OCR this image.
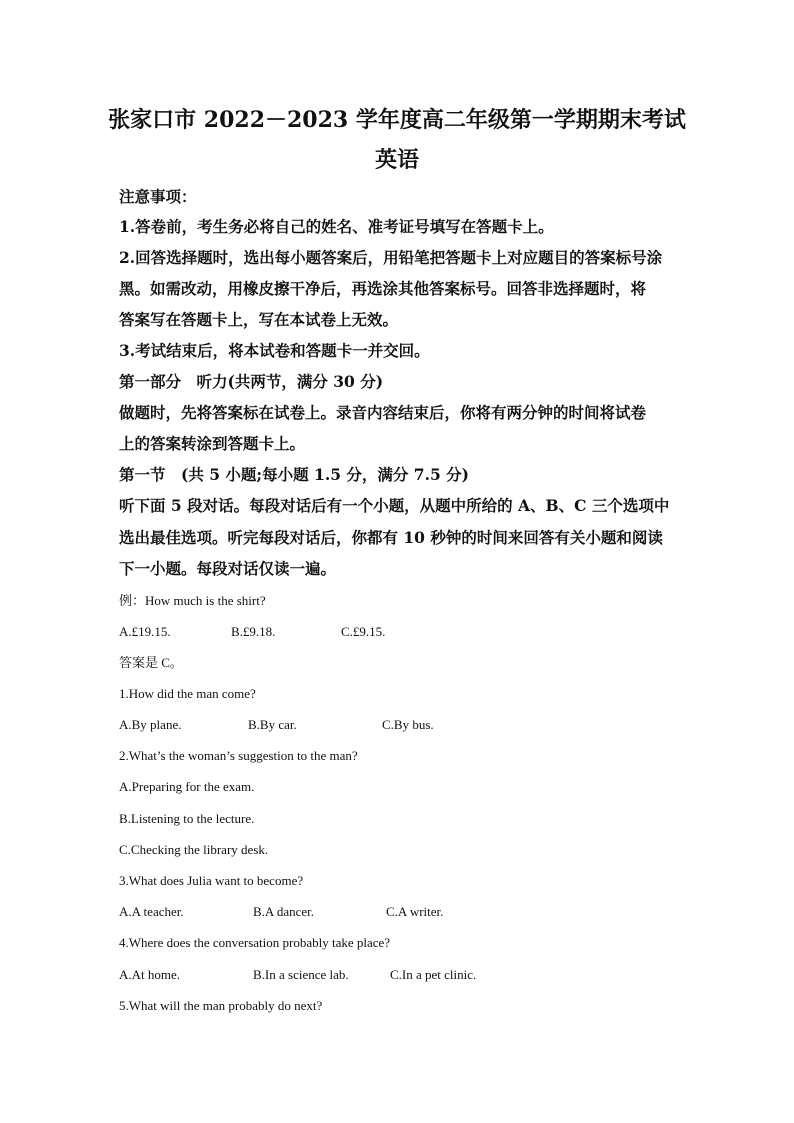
张家口市 2022－2023 学年度高二年级第一学期期末考试
英语
注意事项：
1.答卷前，考生务必将自己的姓名、准考证号填写在答题卡上。
2.回答选择题时，选出每小题答案后，用铅笔把答题卡上对应题目的答案标号涂
黑。如需改动，用橡皮擦干净后，再选涂其他答案标号。回答非选择题时，将
答案写在答题卡上，写在本试卷上无效。
3.考试结束后，将本试卷和答题卡一并交回。
第一部分　听力(共两节，满分 30 分)
做题时，先将答案标在试卷上。录音内容结束后，你将有两分钟的时间将试卷
上的答案转涂到答题卡上。
第一节　(共 5 小题;每小题 1.5 分，满分 7.5 分)
听下面 5 段对话。每段对话后有一个小题，从题中所给的 A、B、C 三个选项中
选出最佳选项。听完每段对话后，你都有 10 秒钟的时间来回答有关小题和阅读
下一小题。每段对话仅读一遍。
例：How much is the shirt?
A.£19.15.	B.£9.18.	C.£9.15.
答案是 C。
1.How did the man come?
A.By plane.	B.By car.	C.By bus.
2.What’s the woman’s suggestion to the man?
A.Preparing for the exam.
B.Listening to the lecture.
C.Checking the library desk.
3.What does Julia want to become?
A.A teacher.	B.A dancer.	C.A writer.
4.Where does the conversation probably take place?
A.At home.	B.In a science lab.	C.In a pet clinic.
5.What will the man probably do next?
